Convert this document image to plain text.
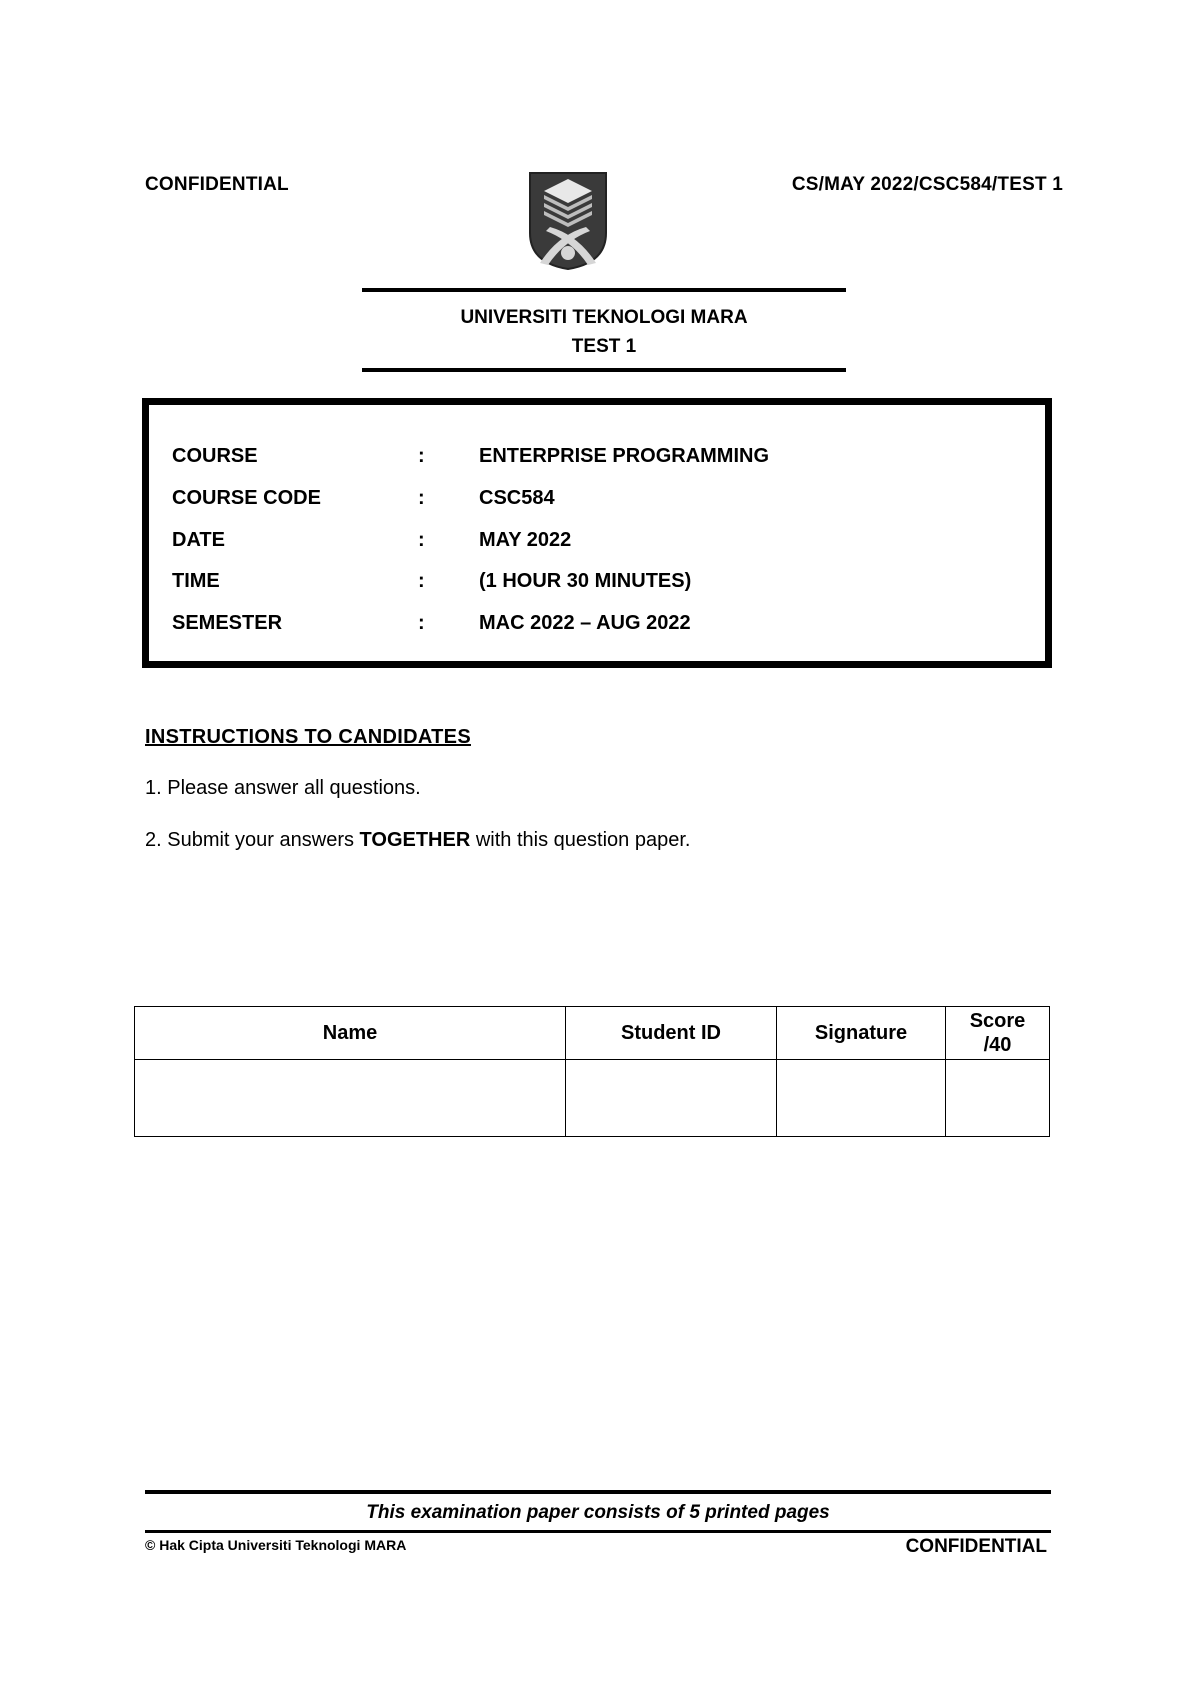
CONFIDENTIAL	CS/MAY 2022/CSC584/TEST 1
UNIVERSITI TEKNOLOGI MARA
TEST 1
COURSE	:	ENTERPRISE PROGRAMMING
COURSE CODE	:	CSC584
DATE	:	MAY 2022
TIME	:	(1 HOUR 30 MINUTES)
SEMESTER	:	MAC 2022 – AUG 2022
INSTRUCTIONS TO CANDIDATES
1. Please answer all questions.
2. Submit your answers TOGETHER with this question paper.
Name	Student ID	Signature	Score
/40

This examination paper consists of 5 printed pages
© Hak Cipta Universiti Teknologi MARA	CONFIDENTIAL
